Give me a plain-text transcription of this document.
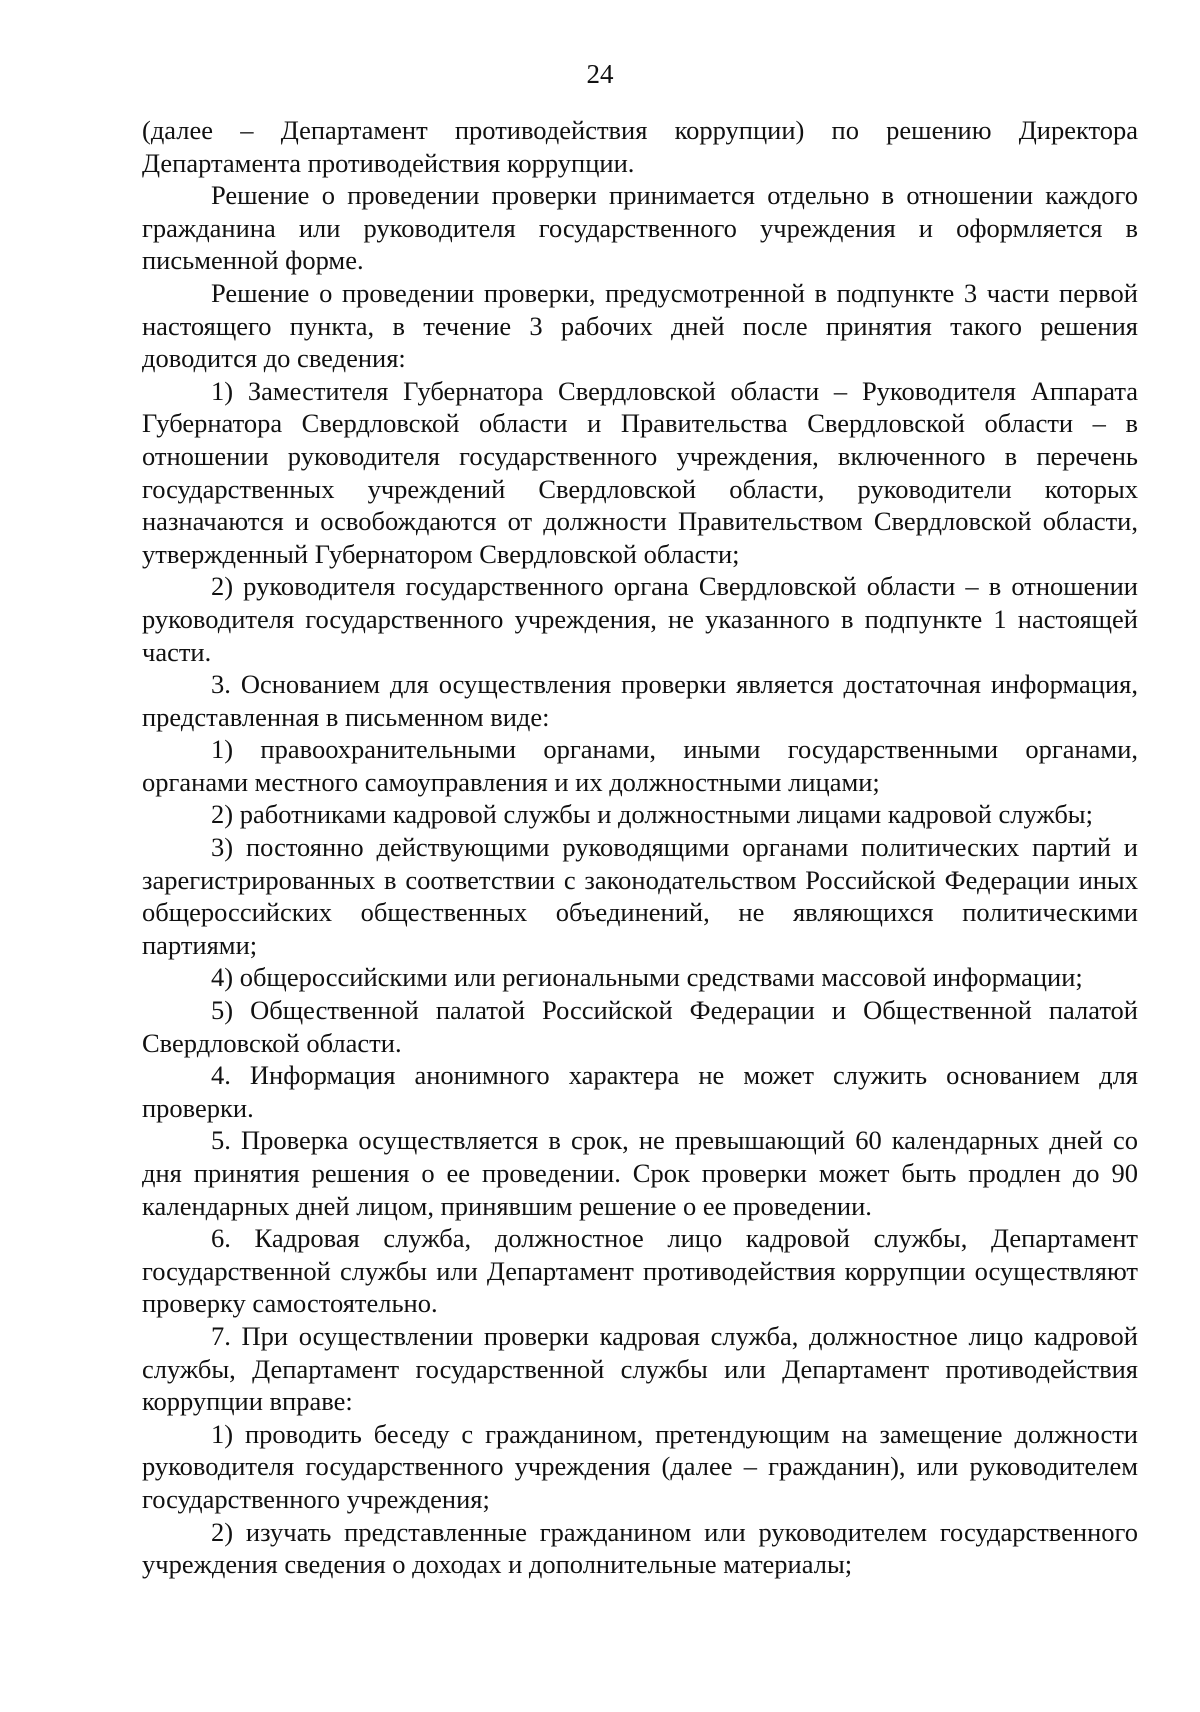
24

(далее – Департамент противодействия коррупции) по решению Директора Департамента противодействия коррупции.

Решение о проведении проверки принимается отдельно в отношении каждого гражданина или руководителя государственного учреждения и оформляется в письменной форме.

Решение о проведении проверки, предусмотренной в подпункте 3 части первой настоящего пункта, в течение 3 рабочих дней после принятия такого решения доводится до сведения:

1) Заместителя Губернатора Свердловской области – Руководителя Аппарата Губернатора Свердловской области и Правительства Свердловской области – в отношении руководителя государственного учреждения, включенного в перечень государственных учреждений Свердловской области, руководители которых назначаются и освобождаются от должности Правительством Свердловской области, утвержденный Губернатором Свердловской области;

2) руководителя государственного органа Свердловской области – в отношении руководителя государственного учреждения, не указанного в подпункте 1 настоящей части.

3. Основанием для осуществления проверки является достаточная информация, представленная в письменном виде:

1) правоохранительными органами, иными государственными органами, органами местного самоуправления и их должностными лицами;

2) работниками кадровой службы и должностными лицами кадровой службы;

3) постоянно действующими руководящими органами политических партий и зарегистрированных в соответствии с законодательством Российской Федерации иных общероссийских общественных объединений, не являющихся политическими партиями;

4) общероссийскими или региональными средствами массовой информации;

5) Общественной палатой Российской Федерации и Общественной палатой Свердловской области.

4. Информация анонимного характера не может служить основанием для проверки.

5. Проверка осуществляется в срок, не превышающий 60 календарных дней со дня принятия решения о ее проведении. Срок проверки может быть продлен до 90 календарных дней лицом, принявшим решение о ее проведении.

6. Кадровая служба, должностное лицо кадровой службы, Департамент государственной службы или Департамент противодействия коррупции осуществляют проверку самостоятельно.

7. При осуществлении проверки кадровая служба, должностное лицо кадровой службы, Департамент государственной службы или Департамент противодействия коррупции вправе:

1) проводить беседу с гражданином, претендующим на замещение должности руководителя государственного учреждения (далее – гражданин), или руководителем государственного учреждения;

2) изучать представленные гражданином или руководителем государственного учреждения сведения о доходах и дополнительные материалы;
